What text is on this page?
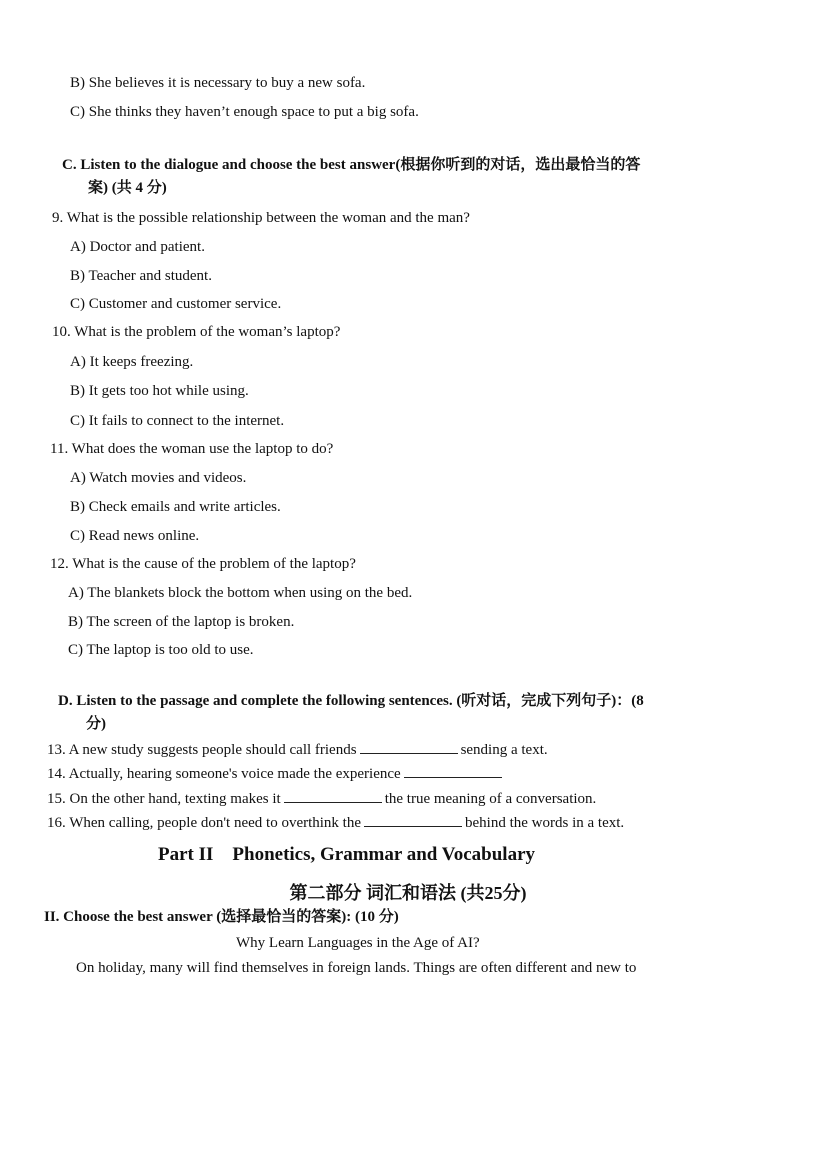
B) She believes it is necessary to buy a new sofa.
C) She thinks they haven’t enough space to put a big sofa.
C. Listen to the dialogue and choose the best answer(根据你听到的对话，选出最恰当的答
案) (共 4 分)
9. What is the possible relationship between the woman and the man?
A) Doctor and patient.
B) Teacher and student.
C) Customer and customer service.
10. What is the problem of the woman’s laptop?
A) It keeps freezing.
B) It gets too hot while using.
C) It fails to connect to the internet.
11. What does the woman use the laptop to do?
A) Watch movies and videos.
B) Check emails and write articles.
C) Read news online.
12. What is the cause of the problem of the laptop?
A) The blankets block the bottom when using on the bed.
B) The screen of the laptop is broken.
C) The laptop is too old to use.
D. Listen to the passage and complete the following sentences. (听对话，完成下列句子)：(8
分)
13. A new study suggests people should call friends	sending a text.
14. Actually, hearing someone's voice made the experience
15. On the other hand, texting makes it	the true meaning of a conversation.
16. When calling, people don't need to overthink the	behind the words in a text.
Part II    Phonetics, Grammar and Vocabulary
第二部分 词汇和语法 (共25分)
II. Choose the best answer (选择最恰当的答案): (10 分)
Why Learn Languages in the Age of AI?
On holiday, many will find themselves in foreign lands. Things are often different and new to
